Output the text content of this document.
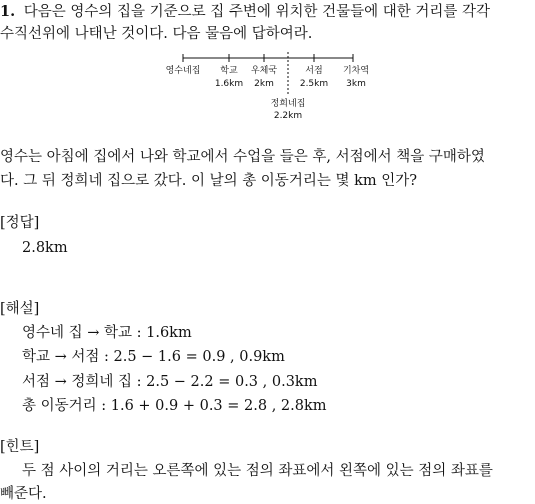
1. 다음은 영수의 집을 기준으로 집 주변에 위치한 건물들에 대한 거리를 각각
수직선위에 나태난 것이다. 다음 물음에 답하여라.
영수네집 학교
1.6km
우체국
2km
서점
2.5km
기차역
3km
정희네집
2.2km
영수는 아침에 집에서 나와 학교에서 수업을 들은 후, 서점에서 책을 구매하였
다. 그 뒤 정희네 집으로 갔다. 이 날의 총 이동거리는 몇 km 인가?
[정답]
2.8km
[해설]
영수네 집 → 학교 : 1.6km
학교 → 서점 : 2.5 − 1.6 = 0.9 , 0.9km
서점 → 정희네 집 : 2.5 − 2.2 = 0.3 , 0.3km
총 이동거리 : 1.6 + 0.9 + 0.3 = 2.8 , 2.8km
[힌트]
두 점 사이의 거리는 오른쪽에 있는 점의 좌표에서 왼쪽에 있는 점의 좌표를
빼준다.
